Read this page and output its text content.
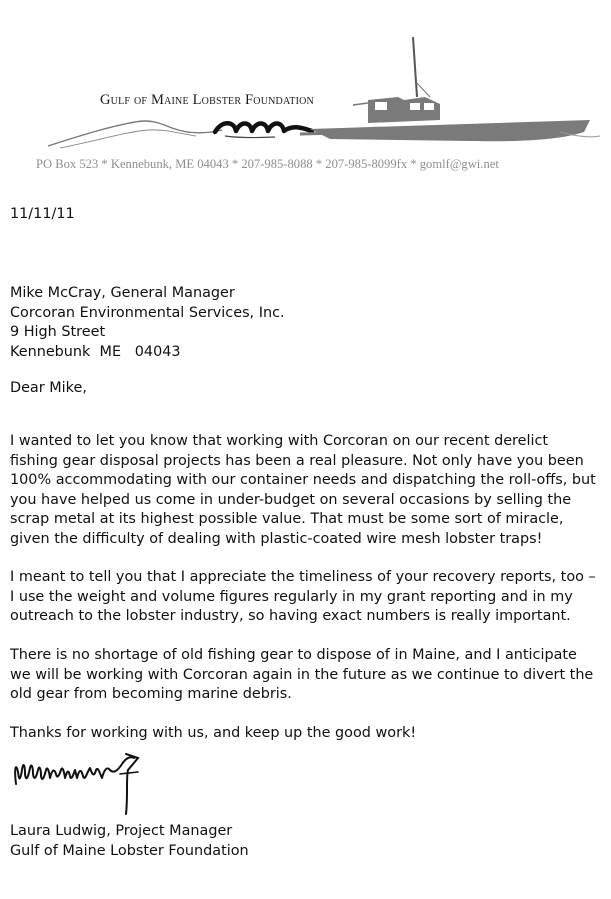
Gulf of Maine Lobster Foundation

PO Box 523 * Kennebunk, ME 04043 * 207-985-8088 * 207-985-8099fx * gomlf@gwi.net

11/11/11

Mike McCray, General Manager

Corcoran Environmental Services, Inc.

9 High Street

Kennebunk  ME   04043

Dear Mike,

I wanted to let you know that working with Corcoran on our recent derelict fishing gear disposal projects has been a real pleasure. Not only have you been 100% accommodating with our container needs and dispatching the roll-offs, but you have helped us come in under-budget on several occasions by selling the scrap metal at its highest possible value. That must be some sort of miracle, given the difficulty of dealing with plastic-coated wire mesh lobster traps!

I meant to tell you that I appreciate the timeliness of your recovery reports, too – I use the weight and volume figures regularly in my grant reporting and in my outreach to the lobster industry, so having exact numbers is really important.

There is no shortage of old fishing gear to dispose of in Maine, and I anticipate we will be working with Corcoran again in the future as we continue to divert the old gear from becoming marine debris.

Thanks for working with us, and keep up the good work!

Laura Ludwig, Project Manager

Gulf of Maine Lobster Foundation
